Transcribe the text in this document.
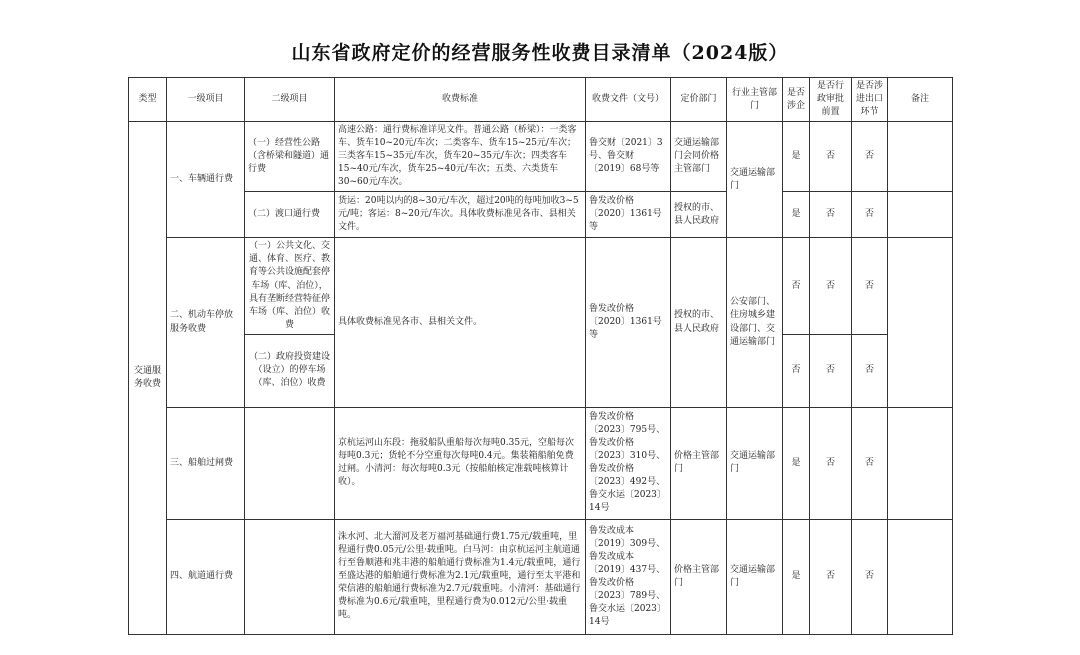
山东省政府定价的经营服务性收费目录清单（2024版）
类型	一级项目	二级项目	收费标准	收费文件（文号）	定价部门	行业主管部门	是否涉企	是否行政审批前置	是否涉进出口环节	备注
交通服务收费	一、车辆通行费	（一）经营性公路（含桥梁和隧道）通行费	高速公路：通行费标准详见文件。普通公路（桥梁）：一类客车、货车10~20元/车次；二类客车、货车15~25元/车次；三类客车15~35元/车次，货车20~35元/车次；四类客车15~40元/车次，货车25~40元/车次；五类、六类货车30~60元/车次。	鲁交财〔2021〕3号、鲁交财〔2019〕68号等	交通运输部门会同价格主管部门	交通运输部门	是	否	否	
		（二）渡口通行费	货运：20吨以内的8~30元/车次，超过20吨的每吨加收3~5元/吨；客运：8~20元/车次。具体收费标准见各市、县相关文件。	鲁发改价格〔2020〕1361号等	授权的市、县人民政府		是	否	否	
	二、机动车停放服务收费	（一）公共文化、交通、体育、医疗、教育等公共设施配套停车场（库、泊位），具有垄断经营特征停车场（库、泊位）收费	具体收费标准见各市、县相关文件。	鲁发改价格〔2020〕1361号等	授权的市、县人民政府	公安部门、住房城乡建设部门、交通运输部门	否	否	否	
		（二）政府投资建设（设立）的停车场（库、泊位）收费					否	否	否	
	三、船舶过闸费		京杭运河山东段：拖驳船队重船每次每吨0.35元，空船每次每吨0.3元；货轮不分空重每次每吨0.4元。集装箱船舶免费过闸。小清河：每次每吨0.3元（按船舶核定准载吨核算计收）。	鲁发改价格〔2023〕795号、鲁发改价格〔2023〕310号、鲁发改价格〔2023〕492号、鲁交水运〔2023〕14号	价格主管部门	交通运输部门	是	否	否	
	四、航道通行费		洙水河、北大溜河及老万福河基础通行费1.75元/载重吨，里程通行费0.05元/公里·载重吨。白马河：由京杭运河主航道通行至鲁顺港和兆丰港的船舶通行费标准为1.4元/载重吨，通行至盛达港的船舶通行费标准为2.1元/载重吨，通行至太平港和荣信港的船舶通行费标准为2.7元/载重吨。小清河：基础通行费标准为0.6元/载重吨，里程通行费为0.012元/公里·载重吨。	鲁发改成本〔2019〕309号、鲁发改成本〔2019〕437号、鲁发改价格〔2023〕789号、鲁交水运〔2023〕14号	价格主管部门	交通运输部门	是	否	否	
